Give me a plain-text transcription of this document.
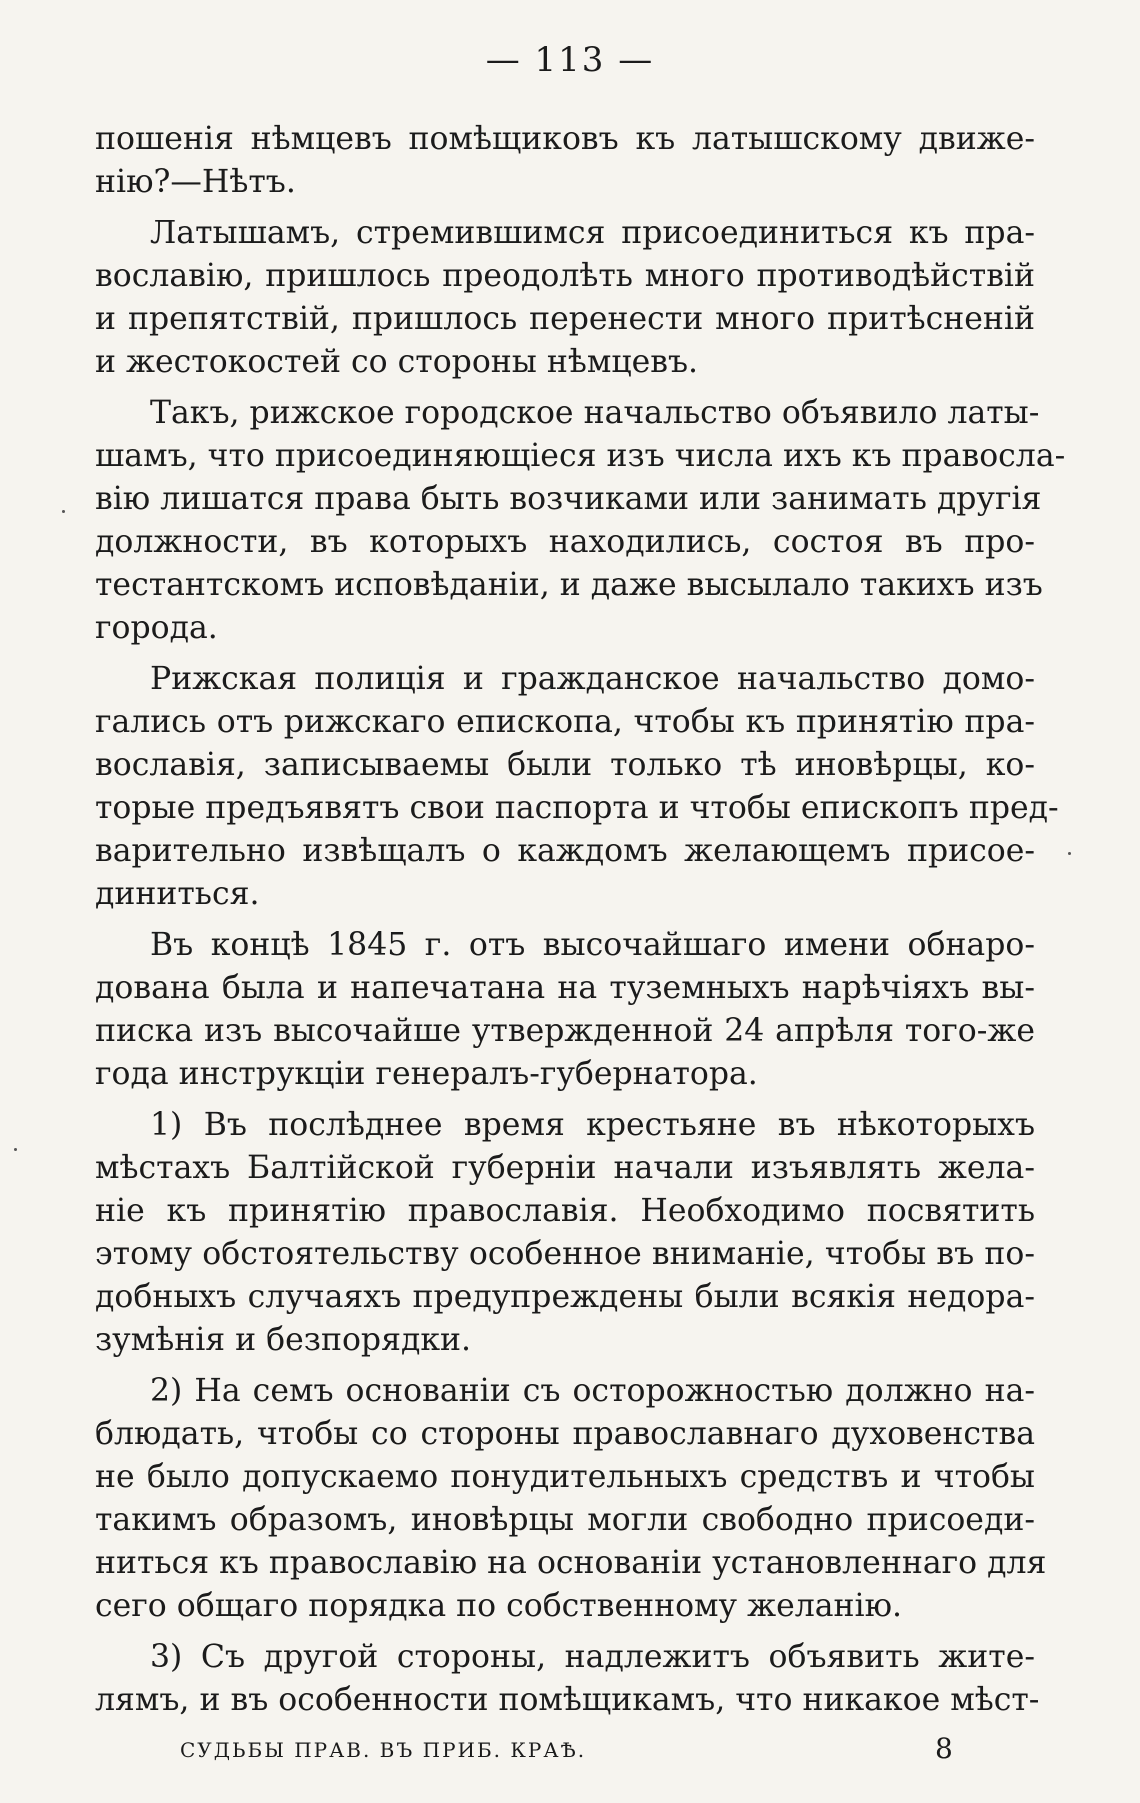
— 113 —
пошенія нѣмцевъ помѣщиковъ къ латышскому движе-
нію?—Нѣтъ.
Латышамъ, стремившимся присоединиться къ пра-
вославію, пришлось преодолѣть много противодѣйствій
и препятствій, пришлось перенести много притѣсненій
и жестокостей со стороны нѣмцевъ.
Такъ, рижское городское начальство объявило латы-
шамъ, что присоединяющіеся изъ числа ихъ къ правосла-
вію лишатся права быть возчиками или занимать другія
должности, въ которыхъ находились, состоя въ про-
тестантскомъ исповѣданіи, и даже высылало такихъ изъ
города.
Рижская полиція и гражданское начальство домо-
гались отъ рижскаго епископа, чтобы къ принятію пра-
вославія, записываемы были только тѣ иновѣрцы, ко-
торые предъявятъ свои паспорта и чтобы епископъ пред-
варительно извѣщалъ о каждомъ желающемъ присое-
диниться.
Въ концѣ 1845 г. отъ высочайшаго имени обнаро-
дована была и напечатана на туземныхъ нарѣчіяхъ вы-
писка изъ высочайше утвержденной 24 апрѣля того-же
года инструкціи генералъ-губернатора.
1) Въ послѣднее время крестьяне въ нѣкоторыхъ
мѣстахъ Балтійской губерніи начали изъявлять жела-
ніе къ принятію православія. Необходимо посвятить
этому обстоятельству особенное вниманіе, чтобы въ по-
добныхъ случаяхъ предупреждены были всякія недора-
зумѣнія и безпорядки.
2) На семъ основаніи съ осторожностью должно на-
блюдать, чтобы со стороны православнаго духовенства
не было допускаемо понудительныхъ средствъ и чтобы
такимъ образомъ, иновѣрцы могли свободно присоеди-
ниться къ православію на основаніи установленнаго для
сего общаго порядка по собственному желанію.
3) Съ другой стороны, надлежитъ объявить жите-
лямъ, и въ особенности помѣщикамъ, что никакое мѣст-
СУДЬБЫ ПРАВ. ВЪ ПРИБ. КРАѢ.	8
